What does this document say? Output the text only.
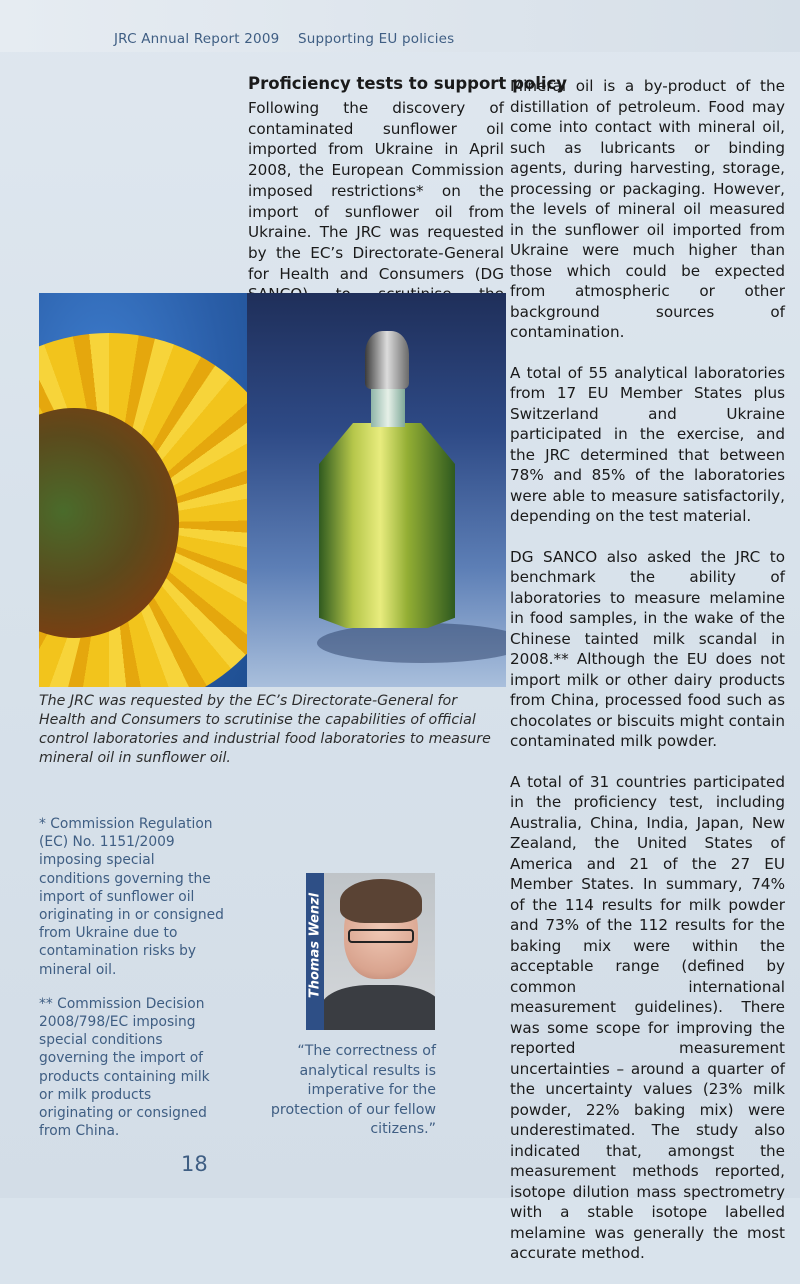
JRC Annual Report 2009 Supporting EU policies
Proficiency tests to support policy
Following the discovery of contaminated sunflower oil imported from Ukraine in April 2008, the European Commission imposed restrictions* on the import of sunflower oil from Ukraine. The JRC was requested by the EC’s Directorate-General for Health and Consumers (DG

Mineral oil is a by-product of the distillation of petroleum. Food may come into contact with mineral oil, such as lubricants or binding agents, during harvesting, storage, processing or packaging. However, the levels of mineral oil measured in the sunflower oil imported from Ukraine were much higher than those which could be expected from atmospheric or other background sources of contamination.

A total of 55 analytical laboratories from 17 EU Member States plus Switzerland and Ukraine participated in the exercise, and the JRC determined that between 78% and 85% of the laboratories were able to measure satisfactorily, depending on the test material.

DG SANCO also asked the JRC to benchmark the ability of laboratories to measure melamine in food samples, in the wake of the Chinese tainted milk scandal in 2008.** Although the EU does not import milk or other dairy products from China, processed food such as chocolates or biscuits might contain contaminated milk powder.

A total of 31 countries participated in the proficiency test, including Australia, China, India, Japan, New Zealand, the United States of America and 21 of the 27 EU Member States. In summary, 74% of the 114 results for milk powder and 73% of the 112 results for the baking mix were within the acceptable range (defined by common international measurement guidelines). There was some scope for improving the reported measurement uncertainties – around a quarter of the uncertainty values (23% milk powder, 22% baking mix) were underestimated. The study also indicated that, amongst the measurement methods reported, isotope dilution mass spectrometry with a stable isotope labelled melamine was generally the most accurate method.

The JRC was requested by the EC’s Directorate-General for Health and Consumers to scrutinise the capabilities of official control laboratories and industrial food laboratories to measure mineral oil in sunflower oil.

* Commission Regulation (EC) No. 1151/2009 imposing special conditions governing the import of sunflower oil originating in or consigned from Ukraine due to contamination risks by mineral oil.

** Commission Decision 2008/798/EC imposing special conditions governing the import of products containing milk or milk products originating or consigned from China.

Thomas Wenzl
“The correctness of analytical results is imperative for the protection of our fellow citizens.”
18
